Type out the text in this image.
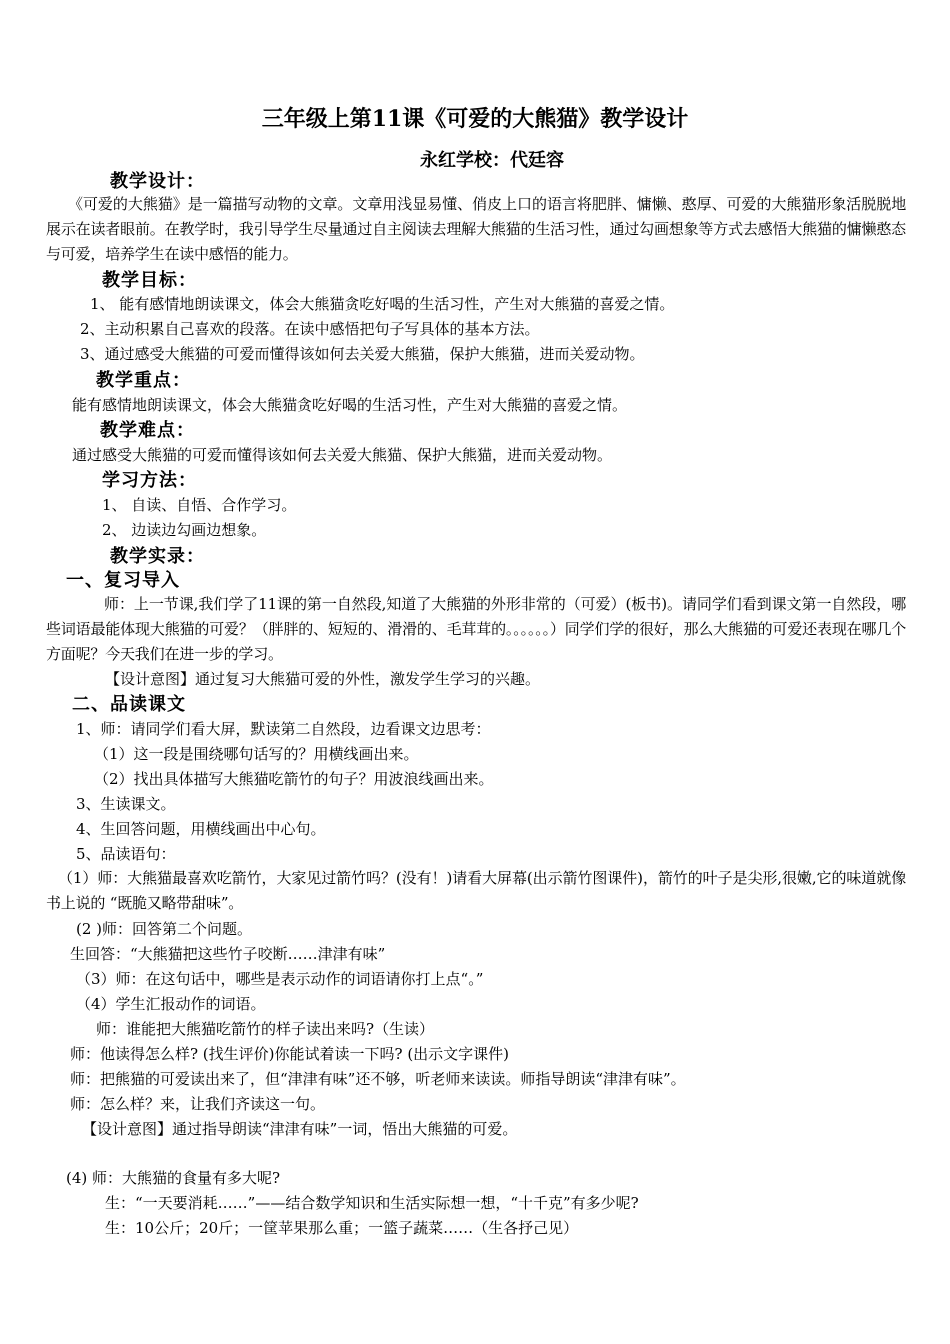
三年级上第11课《可爱的大熊猫》教学设计
永红学校：代廷容
教学设计：
《可爱的大熊猫》是一篇描写动物的文章。文章用浅显易懂、俏皮上口的语言将肥胖、慵懒、憨厚、可爱的大熊猫形象活脱脱地展示在读者眼前。在教学时，我引导学生尽量通过自主阅读去理解大熊猫的生活习性，通过勾画想象等方式去感悟大熊猫的慵懒憨态与可爱，培养学生在读中感悟的能力。
教学目标：
1、 能有感情地朗读课文，体会大熊猫贪吃好喝的生活习性，产生对大熊猫的喜爱之情。
2、主动积累自己喜欢的段落。在读中感悟把句子写具体的基本方法。
3、通过感受大熊猫的可爱而懂得该如何去关爱大熊猫，保护大熊猫，进而关爱动物。
教学重点：
能有感情地朗读课文，体会大熊猫贪吃好喝的生活习性，产生对大熊猫的喜爱之情。
教学难点：
通过感受大熊猫的可爱而懂得该如何去关爱大熊猫、保护大熊猫，进而关爱动物。
学习方法：
1、 自读、自悟、合作学习。
2、 边读边勾画边想象。
教学实录：
一、复习导入
师：上一节课,我们学了11课的第一自然段,知道了大熊猫的外形非常的（可爱）(板书)。请同学们看到课文第一自然段，哪些词语最能体现大熊猫的可爱？（胖胖的、短短的、滑滑的、毛茸茸的。。。。。。）同学们学的很好，那么大熊猫的可爱还表现在哪几个方面呢？今天我们在进一步的学习。
【设计意图】通过复习大熊猫可爱的外性，激发学生学习的兴趣。
二、品读课文
1、师：请同学们看大屏，默读第二自然段，边看课文边思考：
（1）这一段是围绕哪句话写的？用横线画出来。
（2）找出具体描写大熊猫吃箭竹的句子？用波浪线画出来。
3、生读课文。
4、生回答问题，用横线画出中心句。
5、品读语句：
（1）师：大熊猫最喜欢吃箭竹，大家见过箭竹吗？(没有！)请看大屏幕(出示箭竹图课件)，箭竹的叶子是尖形,很嫩,它的味道就像书上说的 “既脆又略带甜味”。
(2 )师：回答第二个问题。
生回答：“大熊猫把这些竹子咬断……津津有味”
（3）师：在这句话中，哪些是表示动作的词语请你打上点“。”
（4）学生汇报动作的词语。
师：谁能把大熊猫吃箭竹的样子读出来吗?（生读）
师：他读得怎么样? (找生评价)你能试着读一下吗? (出示文字课件)
师：把熊猫的可爱读出来了，但“津津有味”还不够，听老师来读读。师指导朗读“津津有味”。
师：怎么样？来，让我们齐读这一句。
【设计意图】通过指导朗读“津津有味”一词，悟出大熊猫的可爱。
(4) 师：大熊猫的食量有多大呢?
生：“一天要消耗……”——结合数学知识和生活实际想一想，“十千克”有多少呢?
生：10公斤；20斤；一筐苹果那么重；一篮子蔬菜……（生各抒己见）
